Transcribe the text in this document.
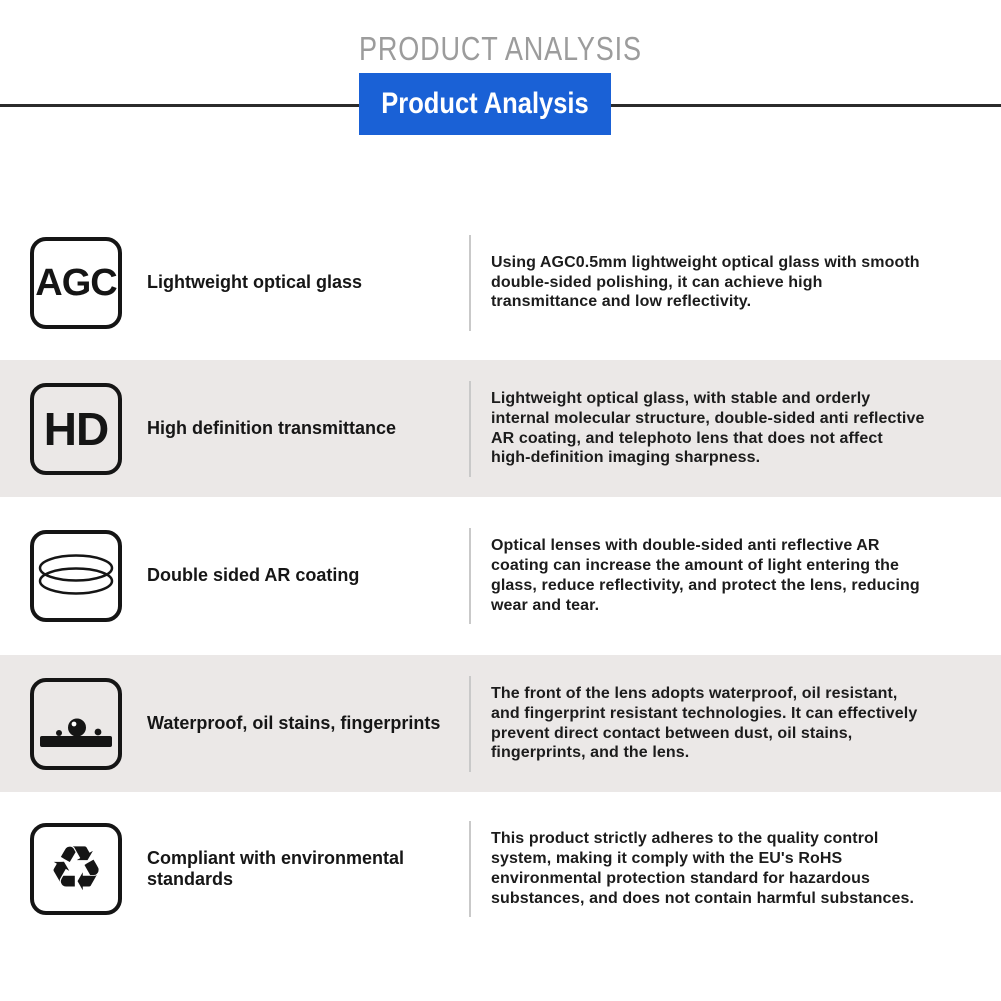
PRODUCT ANALYSIS
Product Analysis
AGC Lightweight optical glass
Using AGC0.5mm lightweight optical glass with smooth double-sided polishing, it can achieve high transmittance and low reflectivity.
HD High definition transmittance
Lightweight optical glass, with stable and orderly internal molecular structure, double-sided anti reflective AR coating, and telephoto lens that does not affect high-definition imaging sharpness.
Double sided AR coating
Optical lenses with double-sided anti reflective AR coating can increase the amount of light entering the glass, reduce reflectivity, and protect the lens, reducing wear and tear.
Waterproof, oil stains, fingerprints
The front of the lens adopts waterproof, oil resistant, and fingerprint resistant technologies. It can effectively prevent direct contact between dust, oil stains, fingerprints, and the lens.
♻ Compliant with environmental standards
This product strictly adheres to the quality control system, making it comply with the EU's RoHS environmental protection standard for hazardous substances, and does not contain harmful substances.
